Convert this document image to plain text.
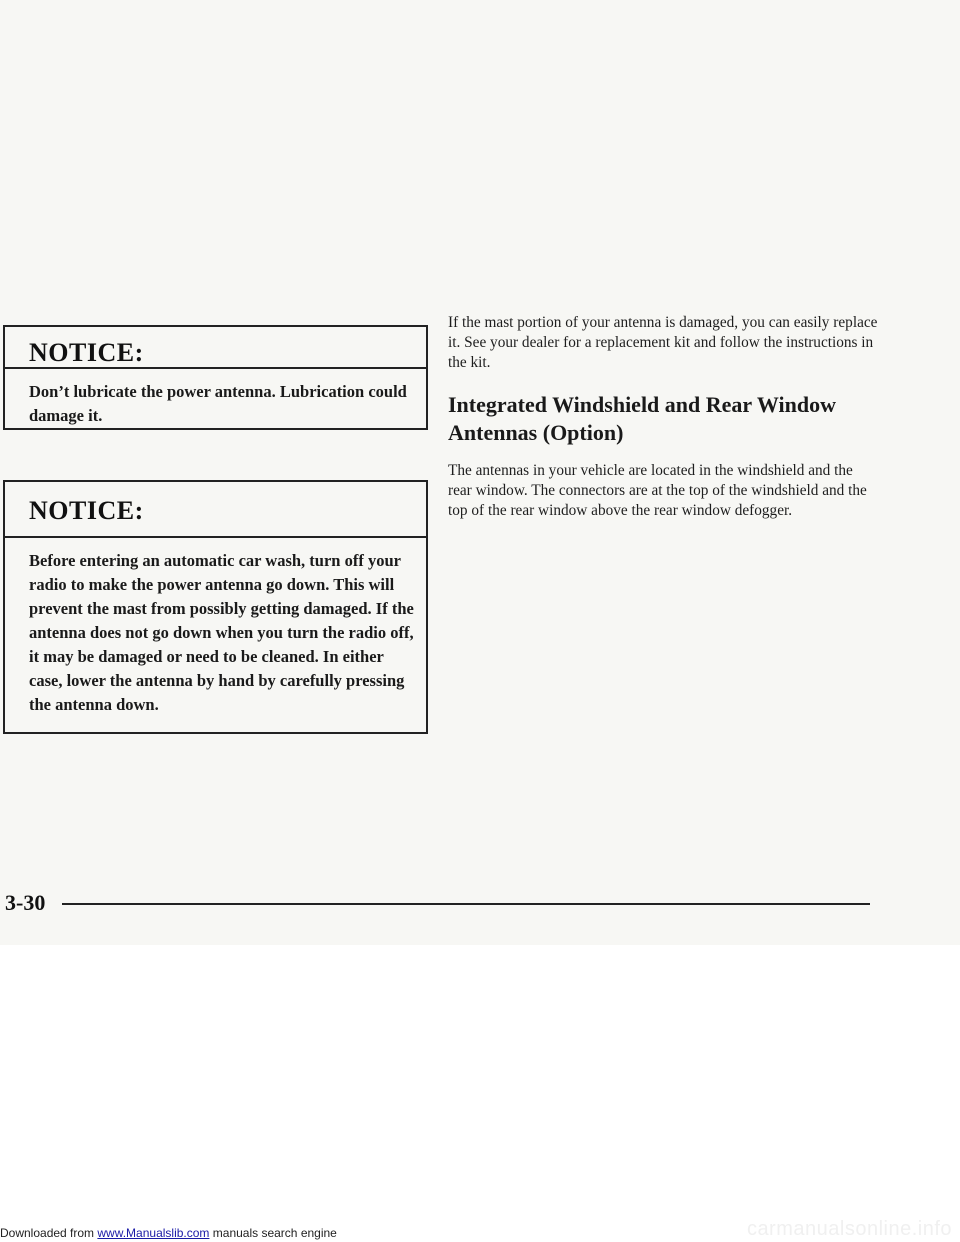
NOTICE:
Don’t lubricate the power antenna. Lubrication could damage it.
NOTICE:
Before entering an automatic car wash, turn off your radio to make the power antenna go down. This will prevent the mast from possibly getting damaged. If the antenna does not go down when you turn the radio off, it may be damaged or need to be cleaned. In either case, lower the antenna by hand by carefully pressing the antenna down.

If the mast portion of your antenna is damaged, you can easily replace it. See your dealer for a replacement kit and follow the instructions in the kit.

Integrated Windshield and Rear Window Antennas (Option)

The antennas in your vehicle are located in the windshield and the rear window. The connectors are at the top of the windshield and the top of the rear window above the rear window defogger.

3-30
Downloaded from www.Manualslib.com manuals search engine	carmanualsonline.info
